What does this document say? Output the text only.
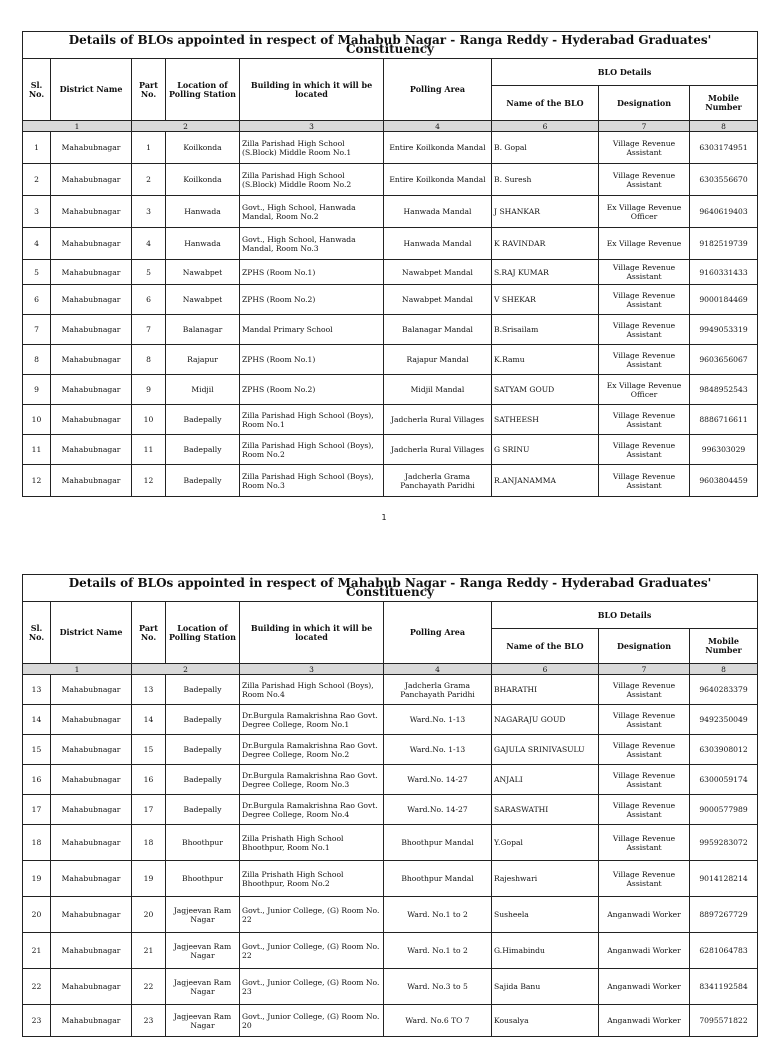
Details of BLOs appointed in respect of Mahabub Nagar - Ranga Reddy - Hyderabad Graduates' Constituency								
Sl. No.	District Name	Part No.	Location of Polling Station	Building in which it will be located	Polling Area	BLO Details		
						Name of the BLO	Designation	Mobile Number
1		2		3	4	6	7	8
1	Mahabubnagar	1	Koilkonda	Zilla Parishad High School (S.Block) Middle Room No.1	Entire Koilkonda Mandal	B. Gopal	Village Revenue Assistant	6303174951
2	Mahabubnagar	2	Koilkonda	Zilla Parishad High School (S.Block) Middle Room No.2	Entire Koilkonda Mandal	B. Suresh	Village Revenue Assistant	6303556670
3	Mahabubnagar	3	Hanwada	Govt., High School, Hanwada Mandal, Room No.2	Hanwada Mandal	J SHANKAR	Ex Village Revenue Officer	9640619403
4	Mahabubnagar	4	Hanwada	Govt., High School, Hanwada Mandal, Room No.3	Hanwada Mandal	K RAVINDAR	Ex Village Revenue	9182519739
5	Mahabubnagar	5	Nawabpet	ZPHS (Room No.1)	Nawabpet Mandal	S.RAJ KUMAR	Village Revenue Assistant	9160331433
6	Mahabubnagar	6	Nawabpet	ZPHS (Room No.2)	Nawabpet Mandal	V SHEKAR	Village Revenue Assistant	9000184469
7	Mahabubnagar	7	Balanagar	Mandal Primary School	Balanagar Mandal	B.Srisailam	Village Revenue Assistant	9949053319
8	Mahabubnagar	8	Rajapur	ZPHS (Room No.1)	Rajapur Mandal	K.Ramu	Village Revenue Assistant	9603656067
9	Mahabubnagar	9	Midjil	ZPHS (Room No.2)	Midjil Mandal	SATYAM GOUD	Ex Village Revenue Officer	9848952543
10	Mahabubnagar	10	Badepally	Zilla Parishad High School (Boys), Room No.1	Jadcherla Rural Villages	SATHEESH	Village Revenue Assistant	8886716611
11	Mahabubnagar	11	Badepally	Zilla Parishad High School (Boys), Room No.2	Jadcherla Rural Villages	G SRINU	Village Revenue Assistant	996303029
12	Mahabubnagar	12	Badepally	Zilla Parishad High School (Boys), Room No.3	Jadcherla Grama Panchayath Paridhi	R.ANJANAMMA	Village Revenue Assistant	9603804459
1
Details of BLOs appointed in respect of Mahabub Nagar - Ranga Reddy - Hyderabad Graduates' Constituency								
Sl. No.	District Name	Part No.	Location of Polling Station	Building in which it will be located	Polling Area	BLO Details		
						Name of the BLO	Designation	Mobile Number
1		2		3	4	6	7	8
13	Mahabubnagar	13	Badepally	Zilla Parishad High School (Boys), Room No.4	Jadcherla Grama Panchayath Paridhi	BHARATHI	Village Revenue Assistant	9640283379
14	Mahabubnagar	14	Badepally	Dr.Burgula Ramakrishna Rao Govt. Degree College, Room No.1	Ward.No. 1-13	NAGARAJU GOUD	Village Revenue Assistant	9492350049
15	Mahabubnagar	15	Badepally	Dr.Burgula Ramakrishna Rao Govt. Degree College, Room No.2	Ward.No. 1-13	GAJULA SRINIVASULU	Village Revenue Assistant	6303908012
16	Mahabubnagar	16	Badepally	Dr.Burgula Ramakrishna Rao Govt. Degree College, Room No.3	Ward.No. 14-27	ANJALI	Village Revenue Assistant	6300059174
17	Mahabubnagar	17	Badepally	Dr.Burgula Ramakrishna Rao Govt. Degree College, Room No.4	Ward.No. 14-27	SARASWATHI	Village Revenue Assistant	9000577989
18	Mahabubnagar	18	Bhoothpur	Zilla Prishath High School Bhoothpur, Room No.1	Bhoothpur Mandal	Y.Gopal	Village Revenue Assistant	9959283072
19	Mahabubnagar	19	Bhoothpur	Zilla Prishath High School Bhoothpur, Room No.2	Bhoothpur Mandal	Rajeshwari	Village Revenue Assistant	9014128214
20	Mahabubnagar	20	Jagjeevan Ram Nagar	Govt., Junior College, (G) Room No. 22	Ward. No.1 to 2	Susheela	Anganwadi Worker	8897267729
21	Mahabubnagar	21	Jagjeevan Ram Nagar	Govt., Junior College, (G) Room No. 22	Ward. No.1 to 2	G.Himabindu	Anganwadi Worker	6281064783
22	Mahabubnagar	22	Jagjeevan Ram Nagar	Govt., Junior College, (G) Room No. 23	Ward. No.3 to 5	Sajida Banu	Anganwadi Worker	8341192584
23	Mahabubnagar	23	Jagjeevan Ram Nagar	Govt., Junior College, (G) Room No. 20	Ward. No.6 TO 7	Kousalya	Anganwadi Worker	7095571822
